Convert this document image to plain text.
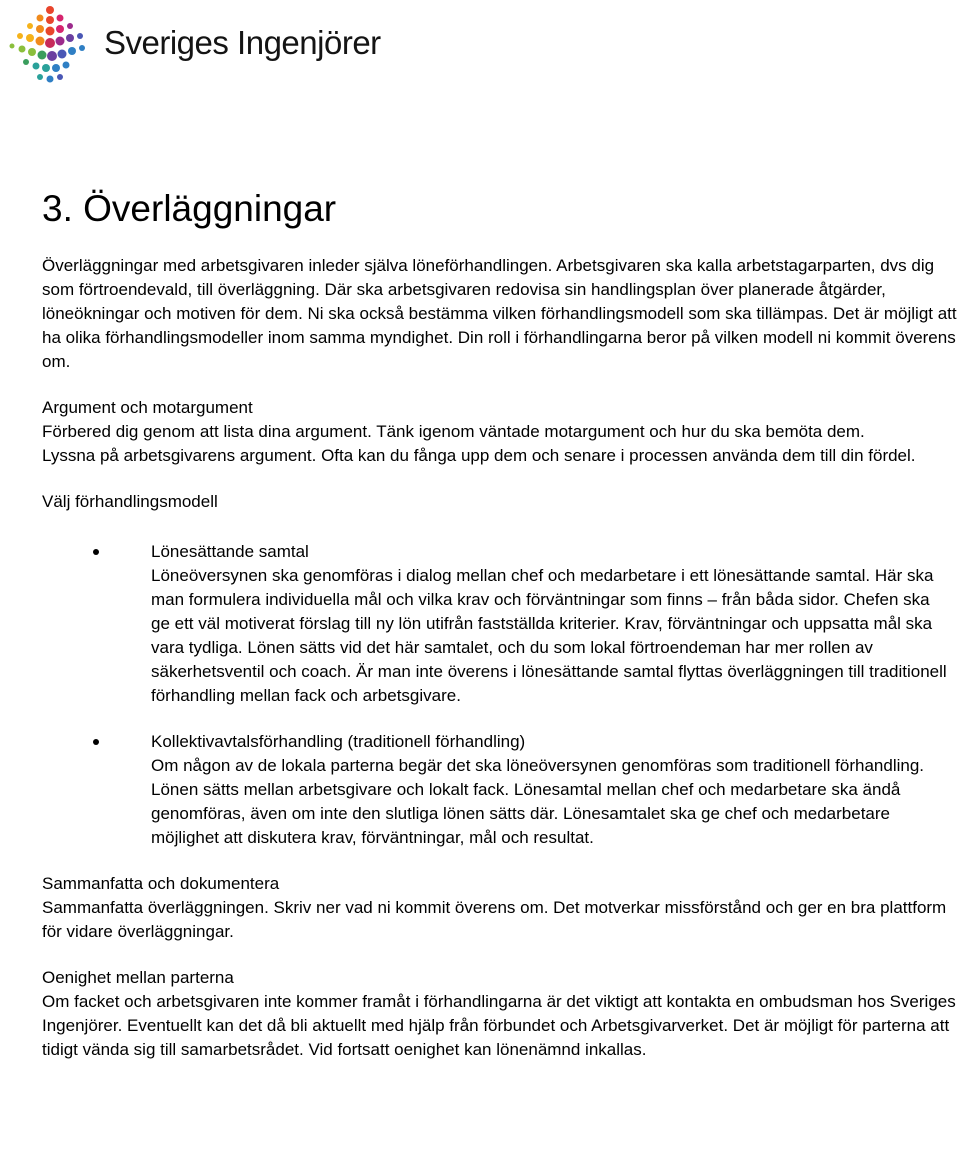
Sveriges Ingenjörer
3. Överläggningar

Överläggningar med arbetsgivaren inleder själva löneförhandlingen. Arbetsgivaren ska kalla arbetstagarparten, dvs dig som förtroendevald, till överläggning. Där ska arbetsgivaren redovisa sin handlingsplan över planerade åtgärder, löneökningar och motiven för dem. Ni ska också bestämma vilken förhandlingsmodell som ska tillämpas. Det är möjligt att ha olika förhandlingsmodeller inom samma myndighet. Din roll i förhandlingarna beror på vilken modell ni kommit överens om.

Argument och motargument

Förbered dig genom att lista dina argument. Tänk igenom väntade motargument och hur du ska bemöta dem.

Lyssna på arbetsgivarens argument. Ofta kan du fånga upp dem och senare i processen använda dem till din fördel.

Välj förhandlingsmodell

Lönesättande samtal

Löneöversynen ska genomföras i dialog mellan chef och medarbetare i ett lönesättande samtal. Här ska man formulera individuella mål och vilka krav och förväntningar som finns – från båda sidor. Chefen ska ge ett väl motiverat förslag till ny lön utifrån fastställda kriterier. Krav, förväntningar och uppsatta mål ska vara tydliga. Lönen sätts vid det här samtalet, och du som lokal förtroendeman har mer rollen av säkerhetsventil och coach. Är man inte överens i lönesättande samtal flyttas överläggningen till traditionell förhandling mellan fack och arbetsgivare.

Kollektivavtalsförhandling (traditionell förhandling)

Om någon av de lokala parterna begär det ska löneöversynen genomföras som traditionell förhandling. Lönen sätts mellan arbetsgivare och lokalt fack. Lönesamtal mellan chef och medarbetare ska ändå genomföras, även om inte den slutliga lönen sätts där. Lönesamtalet ska ge chef och medarbetare möjlighet att diskutera krav, förväntningar, mål och resultat.

Sammanfatta och dokumentera

Sammanfatta överläggningen. Skriv ner vad ni kommit överens om. Det motverkar missförstånd och ger en bra plattform för vidare överläggningar.

Oenighet mellan parterna

Om facket och arbetsgivaren inte kommer framåt i förhandlingarna är det viktigt att kontakta en ombudsman hos Sveriges Ingenjörer. Eventuellt kan det då bli aktuellt med hjälp från förbundet och Arbetsgivarverket. Det är möjligt för parterna att tidigt vända sig till samarbetsrådet. Vid fortsatt oenighet kan lönenämnd inkallas.
